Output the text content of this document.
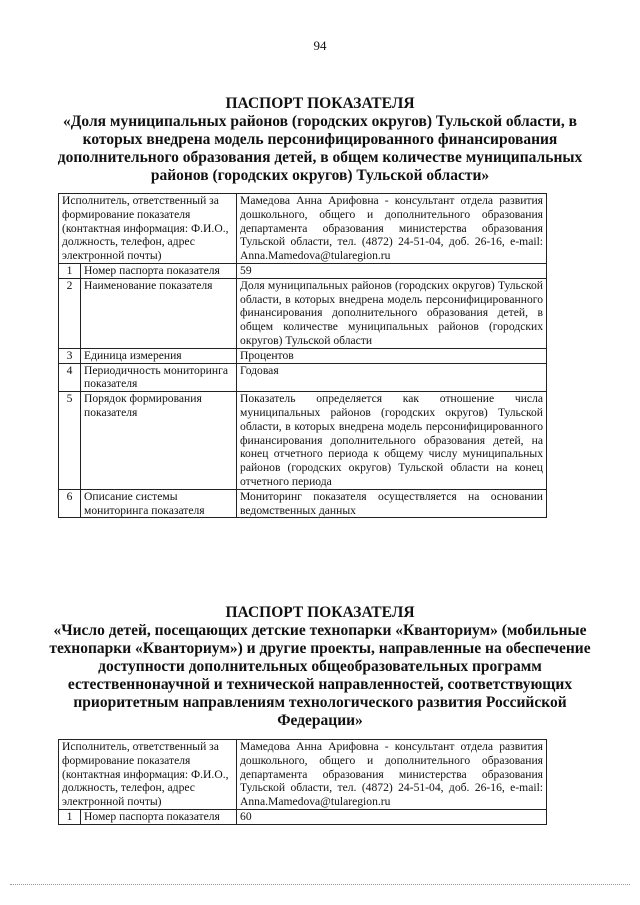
94
ПАСПОРТ ПОКАЗАТЕЛЯ
«Доля муниципальных районов (городских округов) Тульской области, в которых внедрена модель персонифицированного финансирования дополнительного образования детей, в общем количестве муниципальных районов (городских округов) Тульской области»
Исполнитель, ответственный за формирование показателя (контактная информация: Ф.И.О., должность, телефон, адрес электронной почты)		Мамедова Анна Арифовна - консультант отдела развития дошкольного, общего и дополнительного образования департамента образования министерства образования Тульской области, тел. (4872) 24-51-04, доб. 26-16, e-mail: Anna.Mamedova@tularegion.ru
1	Номер паспорта показателя	59
2	Наименование показателя	Доля муниципальных районов (городских округов) Тульской области, в которых внедрена модель персонифицированного финансирования дополнительного образования детей, в общем количестве муниципальных районов (городских округов) Тульской области
3	Единица измерения	Процентов
4	Периодичность мониторинга показателя	Годовая
5	Порядок формирования показателя	Показатель определяется как отношение числа муниципальных районов (городских округов) Тульской области, в которых внедрена модель персонифицированного финансирования дополнительного образования детей, на конец отчетного периода к общему числу муниципальных районов (городских округов) Тульской области на конец отчетного периода
6	Описание системы мониторинга показателя	Мониторинг показателя осуществляется на основании ведомственных данных
ПАСПОРТ ПОКАЗАТЕЛЯ
«Число детей, посещающих детские технопарки «Кванториум» (мобильные технопарки «Кванториум») и другие проекты, направленные на обеспечение доступности дополнительных общеобразовательных программ естественнонаучной и технической направленностей, соответствующих приоритетным направлениям технологического развития Российской Федерации»
Исполнитель, ответственный за формирование показателя (контактная информация: Ф.И.О., должность, телефон, адрес электронной почты)		Мамедова Анна Арифовна - консультант отдела развития дошкольного, общего и дополнительного образования департамента образования министерства образования Тульской области, тел. (4872) 24-51-04, доб. 26-16, e-mail: Anna.Mamedova@tularegion.ru
1	Номер паспорта показателя	60
